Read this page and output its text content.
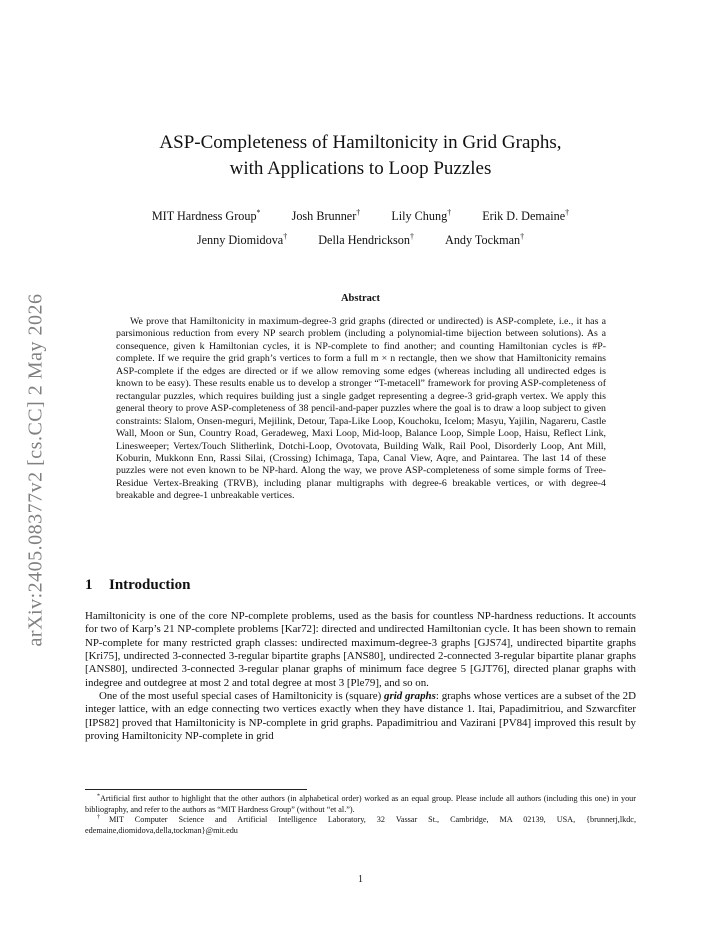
arXiv:2405.08377v2 [cs.CC] 2 May 2026
ASP-Completeness of Hamiltonicity in Grid Graphs,
with Applications to Loop Puzzles
MIT Hardness Group*	Josh Brunner†	Lily Chung†	Erik D. Demaine†
Jenny Diomidova†	Della Hendrickson†	Andy Tockman†
Abstract

We prove that Hamiltonicity in maximum-degree-3 grid graphs (directed or undirected) is ASP-complete, i.e., it has a parsimonious reduction from every NP search problem (including a polynomial-time bijection between solutions). As a consequence, given k Hamiltonian cycles, it is NP-complete to find another; and counting Hamiltonian cycles is #P-complete. If we require the grid graph’s vertices to form a full m × n rectangle, then we show that Hamiltonicity remains ASP-complete if the edges are directed or if we allow removing some edges (whereas including all undirected edges is known to be easy). These results enable us to develop a stronger “T-metacell” framework for proving ASP-completeness of rectangular puzzles, which requires building just a single gadget representing a degree-3 grid-graph vertex. We apply this general theory to prove ASP-completeness of 38 pencil-and-paper puzzles where the goal is to draw a loop subject to given constraints: Slalom, Onsen-meguri, Mejilink, Detour, Tapa-Like Loop, Kouchoku, Icelom; Masyu, Yajilin, Nagareru, Castle Wall, Moon or Sun, Country Road, Geradeweg, Maxi Loop, Mid-loop, Balance Loop, Simple Loop, Haisu, Reflect Link, Linesweeper; Vertex/Touch Slitherlink, Dotchi-Loop, Ovotovata, Building Walk, Rail Pool, Disorderly Loop, Ant Mill, Koburin, Mukkonn Enn, Rassi Silai, (Crossing) Ichimaga, Tapa, Canal View, Aqre, and Paintarea. The last 14 of these puzzles were not even known to be NP-hard. Along the way, we prove ASP-completeness of some simple forms of Tree-Residue Vertex-Breaking (TRVB), including planar multigraphs with degree-6 breakable vertices, or with degree-4 breakable and degree-1 unbreakable vertices.

1 Introduction

Hamiltonicity is one of the core NP-complete problems, used as the basis for countless NP-hardness reductions. It accounts for two of Karp’s 21 NP-complete problems [Kar72]: directed and undirected Hamiltonian cycle. It has been shown to remain NP-complete for many restricted graph classes: undirected maximum-degree-3 graphs [GJS74], undirected bipartite graphs [Kri75], undirected 3-connected 3-regular bipartite graphs [ANS80], undirected 2-connected 3-regular bipartite planar graphs [ANS80], undirected 3-connected 3-regular planar graphs of minimum face degree 5 [GJT76], directed planar graphs with indegree and outdegree at most 2 and total degree at most 3 [Ple79], and so on.

One of the most useful special cases of Hamiltonicity is (square) grid graphs: graphs whose vertices are a subset of the 2D integer lattice, with an edge connecting two vertices exactly when they have distance 1. Itai, Papadimitriou, and Szwarcfiter [IPS82] proved that Hamiltonicity is NP-complete in grid graphs. Papadimitriou and Vazirani [PV84] improved this result by proving Hamiltonicity NP-complete in grid

*Artificial first author to highlight that the other authors (in alphabetical order) worked as an equal group. Please include all authors (including this one) in your bibliography, and refer to the authors as “MIT Hardness Group” (without “et al.”).

†MIT Computer Science and Artificial Intelligence Laboratory, 32 Vassar St., Cambridge, MA 02139, USA, {brunnerj,lkdc, edemaine,diomidova,della,tockman}@mit.edu

1
